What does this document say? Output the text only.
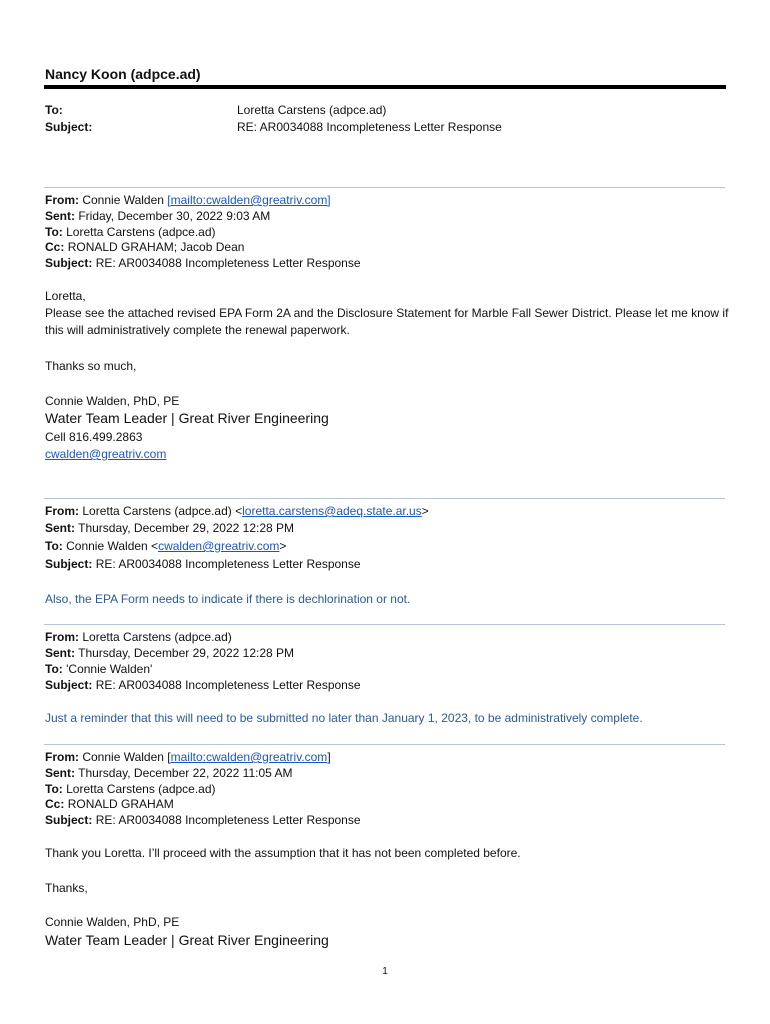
Nancy Koon (adpce.ad)
To:	Loretta Carstens (adpce.ad)
Subject:	RE: AR0034088 Incompleteness Letter Response
From: Connie Walden [mailto:cwalden@greatriv.com]
Sent: Friday, December 30, 2022 9:03 AM
To: Loretta Carstens (adpce.ad)
Cc: RONALD GRAHAM; Jacob Dean
Subject: RE: AR0034088 Incompleteness Letter Response
Loretta,
Please see the attached revised EPA Form 2A and the Disclosure Statement for Marble Fall Sewer District. Please let me know if this will administratively complete the renewal paperwork.
Thanks so much,
Connie Walden, PhD, PE
Water Team Leader | Great River Engineering
Cell 816.499.2863
cwalden@greatriv.com
From: Loretta Carstens (adpce.ad) <loretta.carstens@adeq.state.ar.us>
Sent: Thursday, December 29, 2022 12:28 PM
To: Connie Walden <cwalden@greatriv.com>
Subject: RE: AR0034088 Incompleteness Letter Response
Also, the EPA Form needs to indicate if there is dechlorination or not.
From: Loretta Carstens (adpce.ad)
Sent: Thursday, December 29, 2022 12:28 PM
To: 'Connie Walden'
Subject: RE: AR0034088 Incompleteness Letter Response
Just a reminder that this will need to be submitted no later than January 1, 2023, to be administratively complete.
From: Connie Walden [mailto:cwalden@greatriv.com]
Sent: Thursday, December 22, 2022 11:05 AM
To: Loretta Carstens (adpce.ad)
Cc: RONALD GRAHAM
Subject: RE: AR0034088 Incompleteness Letter Response
Thank you Loretta. I’ll proceed with the assumption that it has not been completed before.
Thanks,
Connie Walden, PhD, PE
Water Team Leader | Great River Engineering
1
